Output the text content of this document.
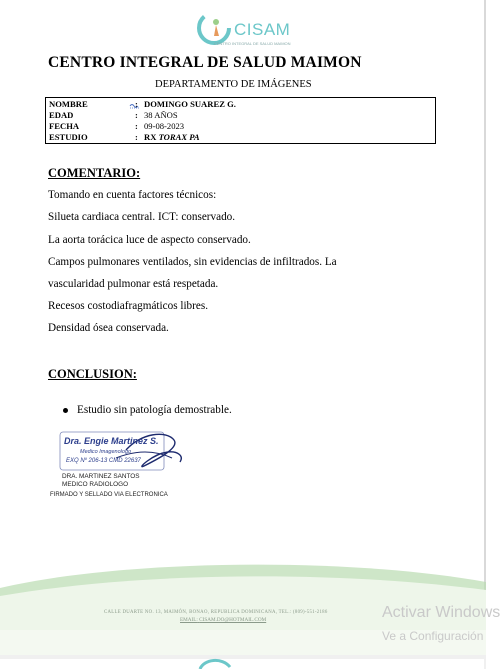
CISAM
CENTRO INTEGRAL DE SALUD MAIMON
CENTRO INTEGRAL DE SALUD MAIMON
DEPARTAMENTO DE IMÁGENES
NOMBRE	: DOMINGO SUAREZ G.
EDAD	: 38 AÑOS
FECHA	: 09-08-2023
ESTUDIO	: RX TORAX PA
COMENTARIO:
Tomando en cuenta factores técnicos:
Silueta cardiaca central. ICT: conservado.
La aorta torácica luce de aspecto conservado.
Campos pulmonares ventilados, sin evidencias de infiltrados. La
vascularidad pulmonar está respetada.
Recesos costodiafragmáticos libres.
Densidad ósea conservada.
CONCLUSION:
Estudio sin patología demostrable.
Dra. Engie Martinez S.
Medico Imagenologo
EXQ Nº 206-13 CMD 22637
DRA. MARTINEZ SANTOS
MEDICO RADIOLOGO
FIRMADO Y SELLADO VIA ELECTRONICA
CALLE DUARTE NO. 13, MAIMÓN, BONAO, REPUBLICA DOMINICANA, TEL.: (809)-551-2186
EMAIL: CISAM.DO@HOTMAIL.COM	Activar Windows
Ve a Configuración
